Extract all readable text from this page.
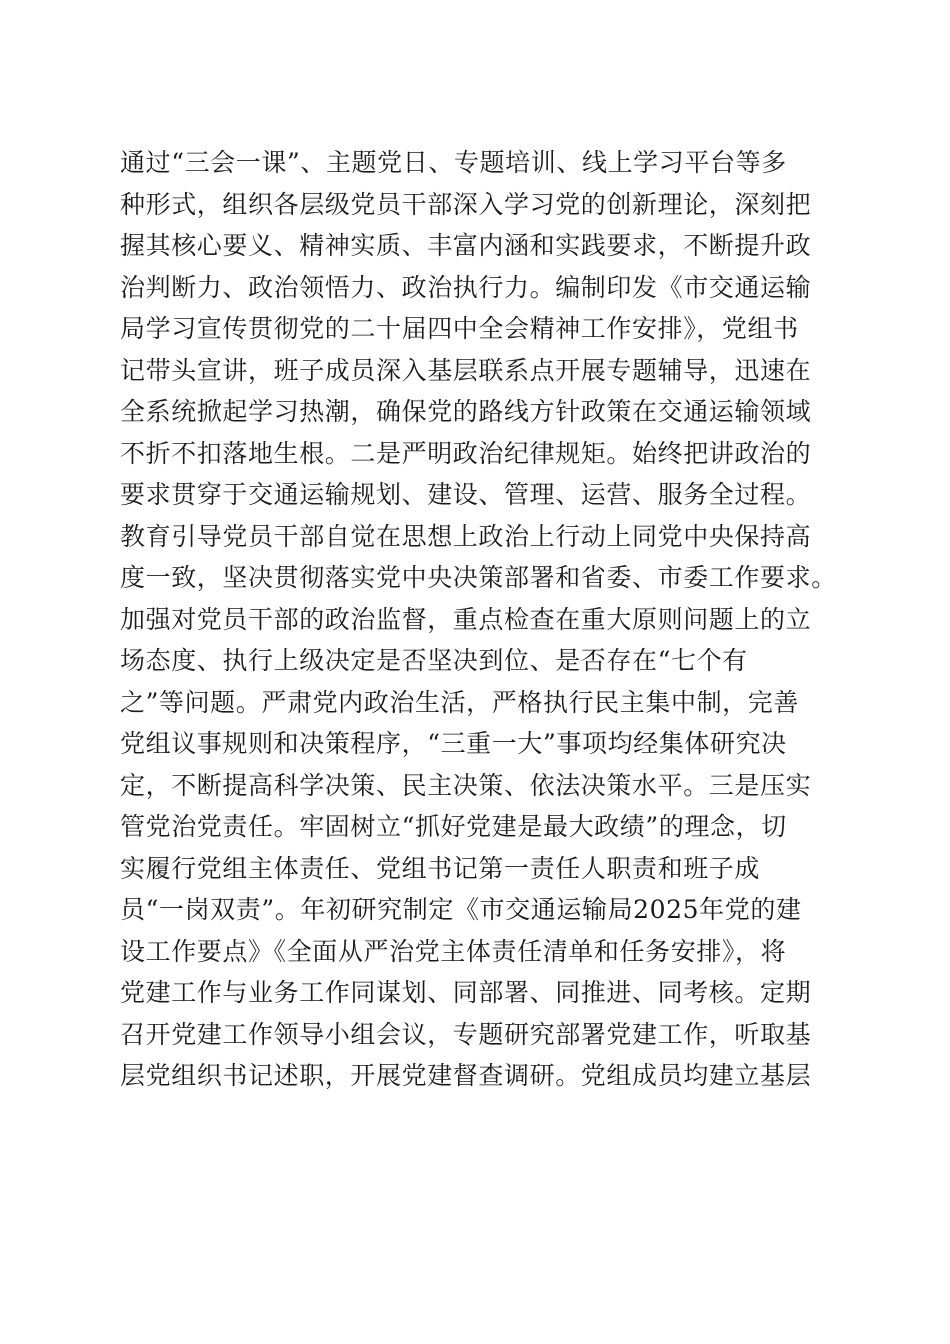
通过“三会一课”、主题党日、专题培训、线上学习平台等多
种形式，组织各层级党员干部深入学习党的创新理论，深刻把
握其核心要义、精神实质、丰富内涵和实践要求，不断提升政
治判断力、政治领悟力、政治执行力。编制印发《市交通运输
局学习宣传贯彻党的二十届四中全会精神工作安排》，党组书
记带头宣讲，班子成员深入基层联系点开展专题辅导，迅速在
全系统掀起学习热潮，确保党的路线方针政策在交通运输领域
不折不扣落地生根。二是严明政治纪律规矩。始终把讲政治的
要求贯穿于交通运输规划、建设、管理、运营、服务全过程。
教育引导党员干部自觉在思想上政治上行动上同党中央保持高
度一致，坚决贯彻落实党中央决策部署和省委、市委工作要求。
加强对党员干部的政治监督，重点检查在重大原则问题上的立
场态度、执行上级决定是否坚决到位、是否存在“七个有
之”等问题。严肃党内政治生活，严格执行民主集中制，完善
党组议事规则和决策程序，“三重一大”事项均经集体研究决
定，不断提高科学决策、民主决策、依法决策水平。三是压实
管党治党责任。牢固树立“抓好党建是最大政绩”的理念，切
实履行党组主体责任、党组书记第一责任人职责和班子成
员“一岗双责”。年初研究制定《市交通运输局2025年党的建
设工作要点》《全面从严治党主体责任清单和任务安排》，将
党建工作与业务工作同谋划、同部署、同推进、同考核。定期
召开党建工作领导小组会议，专题研究部署党建工作，听取基
层党组织书记述职，开展党建督查调研。党组成员均建立基层
